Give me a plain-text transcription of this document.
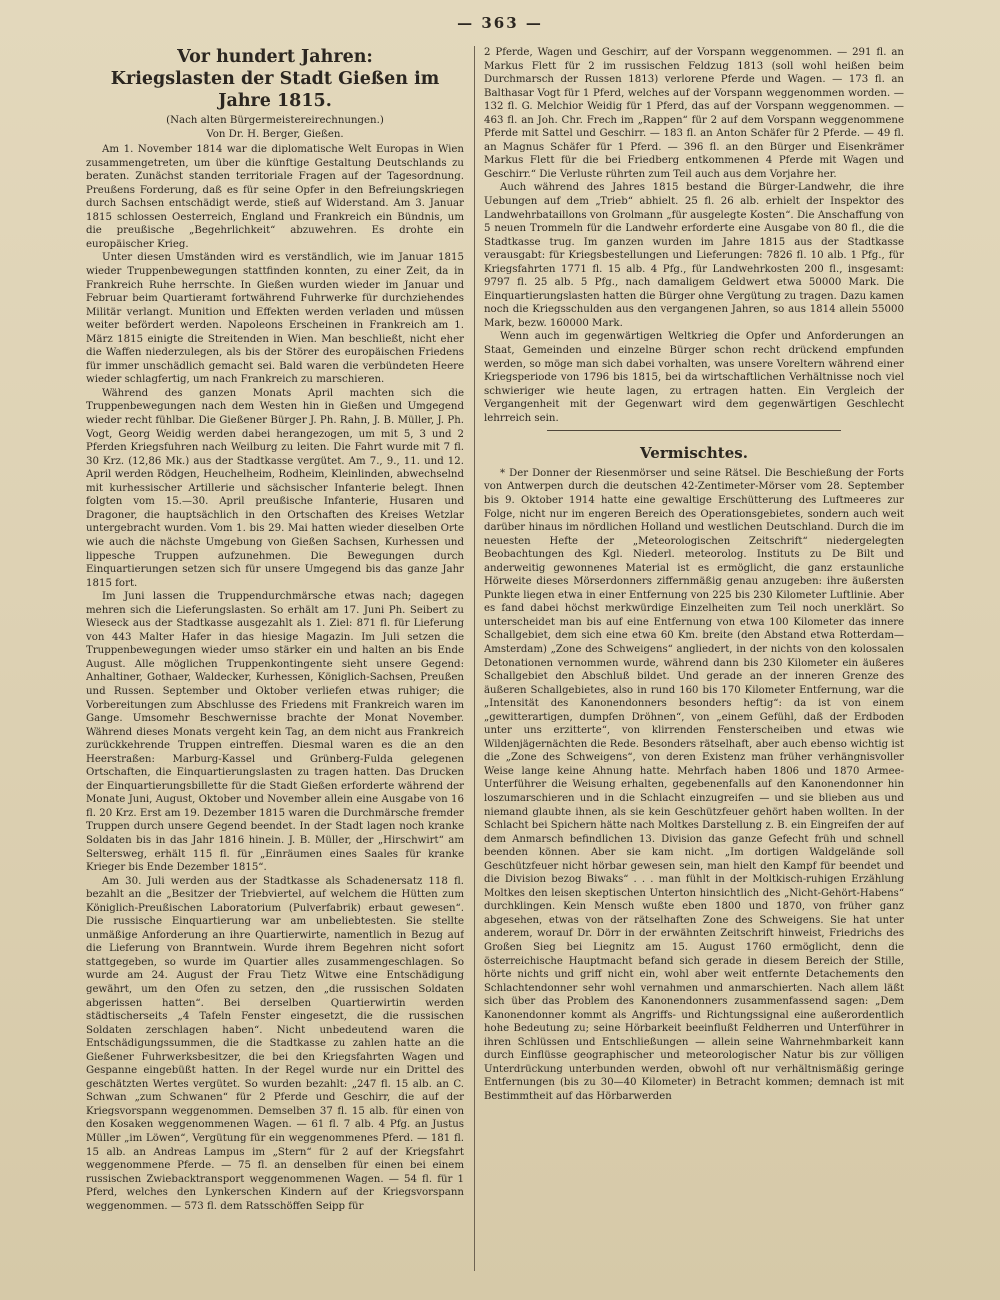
— 363 —
Vor hundert Jahren:
Kriegslasten der Stadt Gießen im Jahre 1815.
(Nach alten Bürgermeistereirechnungen.)
Von Dr. H. Berger, Gießen.

Am 1. November 1814 war die diplomatische Welt Europas in Wien zusammengetreten, um über die künftige Gestaltung Deutschlands zu beraten. Zunächst standen territoriale Fragen auf der Tagesordnung. Preußens Forderung, daß es für seine Opfer in den Befreiungskriegen durch Sachsen entschädigt werde, stieß auf Widerstand. Am 3. Januar 1815 schlossen Oesterreich, England und Frankreich ein Bündnis, um die preußische „Begehrlichkeit“ abzuwehren. Es drohte ein europäischer Krieg.

Unter diesen Umständen wird es verständlich, wie im Januar 1815 wieder Truppenbewegungen stattfinden konnten, zu einer Zeit, da in Frankreich Ruhe herrschte. In Gießen wurden wieder im Januar und Februar beim Quartieramt fortwährend Fuhrwerke für durchziehendes Militär verlangt. Munition und Effekten werden verladen und müssen weiter befördert werden. Napoleons Erscheinen in Frankreich am 1. März 1815 einigte die Streitenden in Wien. Man beschließt, nicht eher die Waffen niederzulegen, als bis der Störer des europäischen Friedens für immer unschädlich gemacht sei. Bald waren die verbündeten Heere wieder schlagfertig, um nach Frankreich zu marschieren.

Während des ganzen Monats April machten sich die Truppenbewegungen nach dem Westen hin in Gießen und Umgegend wieder recht fühlbar. Die Gießener Bürger J. Ph. Rahn, J. B. Müller, J. Ph. Vogt, Georg Weidig werden dabei herangezogen, um mit 5, 3 und 2 Pferden Kriegsfuhren nach Weilburg zu leiten. Die Fahrt wurde mit 7 fl. 30 Krz. (12,86 Mk.) aus der Stadtkasse vergütet. Am 7., 9., 11. und 12. April werden Rödgen, Heuchelheim, Rodheim, Kleinlinden, abwechselnd mit kurhessischer Artillerie und sächsischer Infanterie belegt. Ihnen folgten vom 15.—30. April preußische Infanterie, Husaren und Dragoner, die hauptsächlich in den Ortschaften des Kreises Wetzlar untergebracht wurden. Vom 1. bis 29. Mai hatten wieder dieselben Orte wie auch die nächste Umgebung von Gießen Sachsen, Kurhessen und lippesche Truppen aufzunehmen. Die Bewegungen durch Einquartierungen setzen sich für unsere Umgegend bis das ganze Jahr 1815 fort.

Im Juni lassen die Truppendurchmärsche etwas nach; dagegen mehren sich die Lieferungslasten. So erhält am 17. Juni Ph. Seibert zu Wieseck aus der Stadtkasse ausgezahlt als 1. Ziel: 871 fl. für Lieferung von 443 Malter Hafer in das hiesige Magazin. Im Juli setzen die Truppenbewegungen wieder umso stärker ein und halten an bis Ende August. Alle möglichen Truppenkontingente sieht unsere Gegend: Anhaltiner, Gothaer, Waldecker, Kurhessen, Königlich-Sachsen, Preußen und Russen. September und Oktober verliefen etwas ruhiger; die Vorbereitungen zum Abschlusse des Friedens mit Frankreich waren im Gange. Umsomehr Beschwernisse brachte der Monat November. Während dieses Monats vergeht kein Tag, an dem nicht aus Frankreich zurückkehrende Truppen eintreffen. Diesmal waren es die an den Heerstraßen: Marburg-Kassel und Grünberg-Fulda gelegenen Ortschaften, die Einquartierungslasten zu tragen hatten. Das Drucken der Einquartierungsbillette für die Stadt Gießen erforderte während der Monate Juni, August, Oktober und November allein eine Ausgabe von 16 fl. 20 Krz. Erst am 19. Dezember 1815 waren die Durchmärsche fremder Truppen durch unsere Gegend beendet. In der Stadt lagen noch kranke Soldaten bis in das Jahr 1816 hinein. J. B. Müller, der „Hirschwirt“ am Seltersweg, erhält 115 fl. für „Einräumen eines Saales für kranke Krieger bis Ende Dezember 1815“.

Am 30. Juli werden aus der Stadtkasse als Schadenersatz 118 fl. bezahlt an die „Besitzer der Triebviertel, auf welchem die Hütten zum Königlich-Preußischen Laboratorium (Pulverfabrik) erbaut gewesen“. Die russische Einquartierung war am unbeliebtesten. Sie stellte unmäßige Anforderung an ihre Quartierwirte, namentlich in Bezug auf die Lieferung von Branntwein. Wurde ihrem Begehren nicht sofort stattgegeben, so wurde im Quartier alles zusammengeschlagen. So wurde am 24. August der Frau Tietz Witwe eine Entschädigung gewährt, um den Ofen zu setzen, den „die russischen Soldaten abgerissen hatten“. Bei derselben Quartierwirtin werden städtischerseits „4 Tafeln Fenster eingesetzt, die die russischen Soldaten zerschlagen haben“. Nicht unbedeutend waren die Entschädigungssummen, die die Stadtkasse zu zahlen hatte an die Gießener Fuhrwerksbesitzer, die bei den Kriegsfahrten Wagen und Gespanne eingebüßt hatten. In der Regel wurde nur ein Drittel des geschätzten Wertes vergütet. So wurden bezahlt: „247 fl. 15 alb. an C. Schwan „zum Schwanen“ für 2 Pferde und Geschirr, die auf der Kriegsvorspann weggenommen. Demselben 37 fl. 15 alb. für einen von den Kosaken weggenommenen Wagen. — 61 fl. 7 alb. 4 Pfg. an Justus Müller „im Löwen“, Vergütung für ein weggenommenes Pferd. — 181 fl. 15 alb. an Andreas Lampus im „Stern“ für 2 auf der Kriegsfahrt weggenommene Pferde. — 75 fl. an denselben für einen bei einem russischen Zwiebacktransport weggenommenen Wagen. — 54 fl. für 1 Pferd, welches den Lynkerschen Kindern auf der Kriegsvorspann weggenommen. — 573 fl. dem Ratsschöffen Seipp für

2 Pferde, Wagen und Geschirr, auf der Vorspann weggenommen. — 291 fl. an Markus Flett für 2 im russischen Feldzug 1813 (soll wohl heißen beim Durchmarsch der Russen 1813) verlorene Pferde und Wagen. — 173 fl. an Balthasar Vogt für 1 Pferd, welches auf der Vorspann weggenommen worden. — 132 fl. G. Melchior Weidig für 1 Pferd, das auf der Vorspann weggenommen. — 463 fl. an Joh. Chr. Frech im „Rappen“ für 2 auf dem Vorspann weggenommene Pferde mit Sattel und Geschirr. — 183 fl. an Anton Schäfer für 2 Pferde. — 49 fl. an Magnus Schäfer für 1 Pferd. — 396 fl. an den Bürger und Eisenkrämer Markus Flett für die bei Friedberg entkommenen 4 Pferde mit Wagen und Geschirr.“ Die Verluste rührten zum Teil auch aus dem Vorjahre her.

Auch während des Jahres 1815 bestand die Bürger-Landwehr, die ihre Uebungen auf dem „Trieb“ abhielt. 25 fl. 26 alb. erhielt der Inspektor des Landwehrbataillons von Grolmann „für ausgelegte Kosten“. Die Anschaffung von 5 neuen Trommeln für die Landwehr erforderte eine Ausgabe von 80 fl., die die Stadtkasse trug. Im ganzen wurden im Jahre 1815 aus der Stadtkasse verausgabt: für Kriegsbestellungen und Lieferungen: 7826 fl. 10 alb. 1 Pfg., für Kriegsfahrten 1771 fl. 15 alb. 4 Pfg., für Landwehrkosten 200 fl., insgesamt: 9797 fl. 25 alb. 5 Pfg., nach damaligem Geldwert etwa 50000 Mark. Die Einquartierungslasten hatten die Bürger ohne Vergütung zu tragen. Dazu kamen noch die Kriegsschulden aus den vergangenen Jahren, so aus 1814 allein 55000 Mark, bezw. 160000 Mark.

Wenn auch im gegenwärtigen Weltkrieg die Opfer und Anforderungen an Staat, Gemeinden und einzelne Bürger schon recht drückend empfunden werden, so möge man sich dabei vorhalten, was unsere Voreltern während einer Kriegsperiode von 1796 bis 1815, bei da wirtschaftlichen Verhältnisse noch viel schwieriger wie heute lagen, zu ertragen hatten. Ein Vergleich der Vergangenheit mit der Gegenwart wird dem gegenwärtigen Geschlecht lehrreich sein.

Vermischtes.

* Der Donner der Riesenmörser und seine Rätsel. Die Beschießung der Forts von Antwerpen durch die deutschen 42-Zentimeter-Mörser vom 28. September bis 9. Oktober 1914 hatte eine gewaltige Erschütterung des Luftmeeres zur Folge, nicht nur im engeren Bereich des Operationsgebietes, sondern auch weit darüber hinaus im nördlichen Holland und westlichen Deutschland. Durch die im neuesten Hefte der „Meteorologischen Zeitschrift“ niedergelegten Beobachtungen des Kgl. Niederl. meteorolog. Instituts zu De Bilt und anderweitig gewonnenes Material ist es ermöglicht, die ganz erstaunliche Hörweite dieses Mörserdonners ziffernmäßig genau anzugeben: ihre äußersten Punkte liegen etwa in einer Entfernung von 225 bis 230 Kilometer Luftlinie. Aber es fand dabei höchst merkwürdige Einzelheiten zum Teil noch unerklärt. So unterscheidet man bis auf eine Entfernung von etwa 100 Kilometer das innere Schallgebiet, dem sich eine etwa 60 Km. breite (den Abstand etwa Rotterdam—Amsterdam) „Zone des Schweigens“ angliedert, in der nichts von den kolossalen Detonationen vernommen wurde, während dann bis 230 Kilometer ein äußeres Schallgebiet den Abschluß bildet. Und gerade an der inneren Grenze des äußeren Schallgebietes, also in rund 160 bis 170 Kilometer Entfernung, war die „Intensität des Kanonendonners besonders heftig“: da ist von einem „gewitterartigen, dumpfen Dröhnen“, von „einem Gefühl, daß der Erdboden unter uns erzitterte“, von klirrenden Fensterscheiben und etwas wie Wildenjägernächten die Rede. Besonders rätselhaft, aber auch ebenso wichtig ist die „Zone des Schweigens“, von deren Existenz man früher verhängnisvoller Weise lange keine Ahnung hatte. Mehrfach haben 1806 und 1870 Armee-Unterführer die Weisung erhalten, gegebenenfalls auf den Kanonendonner hin loszumarschieren und in die Schlacht einzugreifen — und sie blieben aus und niemand glaubte ihnen, als sie kein Geschützfeuer gehört haben wollten. In der Schlacht bei Spichern hätte nach Moltkes Darstellung z. B. ein Eingreifen der auf dem Anmarsch befindlichen 13. Division das ganze Gefecht früh und schnell beenden können. Aber sie kam nicht. „Im dortigen Waldgelände soll Geschützfeuer nicht hörbar gewesen sein, man hielt den Kampf für beendet und die Division bezog Biwaks“ . . . man fühlt in der Moltkisch-ruhigen Erzählung Moltkes den leisen skeptischen Unterton hinsichtlich des „Nicht-Gehört-Habens“ durchklingen. Kein Mensch wußte eben 1800 und 1870, von früher ganz abgesehen, etwas von der rätselhaften Zone des Schweigens. Sie hat unter anderem, worauf Dr. Dörr in der erwähnten Zeitschrift hinweist, Friedrichs des Großen Sieg bei Liegnitz am 15. August 1760 ermöglicht, denn die österreichische Hauptmacht befand sich gerade in diesem Bereich der Stille, hörte nichts und griff nicht ein, wohl aber weit entfernte Detachements den Schlachtendonner sehr wohl vernahmen und anmarschierten. Nach allem läßt sich über das Problem des Kanonendonners zusammenfassend sagen: „Dem Kanonendonner kommt als Angriffs- und Richtungssignal eine außerordentlich hohe Bedeutung zu; seine Hörbarkeit beeinflußt Feldherren und Unterführer in ihren Schlüssen und Entschließungen — allein seine Wahrnehmbarkeit kann durch Einflüsse geographischer und meteorologischer Natur bis zur völligen Unterdrückung unterbunden werden, obwohl oft nur verhältnismäßig geringe Entfernungen (bis zu 30—40 Kilometer) in Betracht kommen; demnach ist mit Bestimmtheit auf das Hörbarwerden
